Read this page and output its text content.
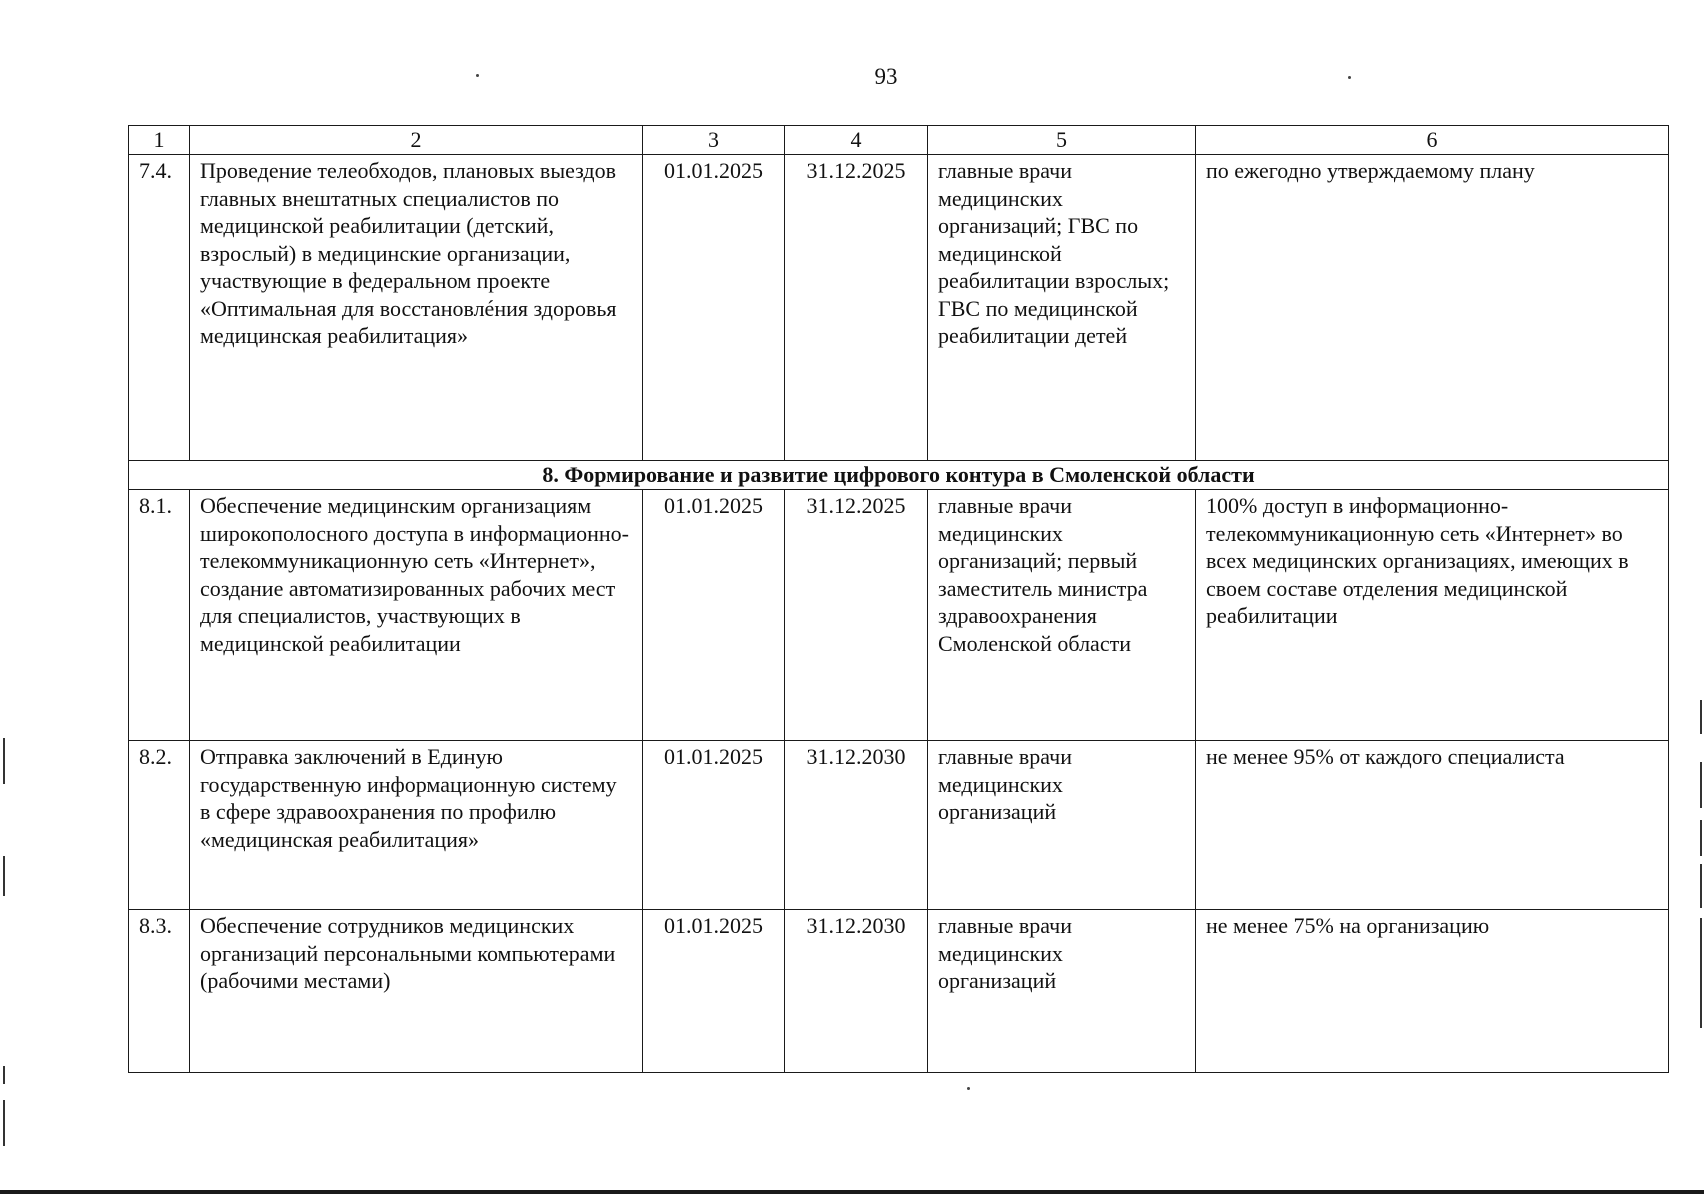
93
1	2	3	4	5	6
7.4.	Проведение телеобходов, плановых выездов главных внештатных специалистов по медицинской реабилитации (детский, взрослый) в медицинские организации, участвующие в федеральном проекте «Оптимальная для восстановлéния здоровья медицинская реабилитация»	01.01.2025	31.12.2025	главные врачи медицинских организаций; ГВС по медицинской реабилитации взрослых; ГВС по медицинской реабилитации детей	по ежегодно утверждаемому плану
8. Формирование и развитие цифрового контура в Смоленской области					
8.1.	Обеспечение медицинским организациям широкополосного доступа в информационно-телекоммуникационную сеть «Интернет», создание автоматизированных рабочих мест для специалистов, участвующих в медицинской реабилитации	01.01.2025	31.12.2025	главные врачи медицинских организаций; первый заместитель министра здравоохранения Смоленской области	100% доступ в информационно-телекоммуникационную сеть «Интернет» во всех медицинских организациях, имеющих в своем составе отделения медицинской реабилитации
8.2.	Отправка заключений в Единую государственную информационную систему в сфере здравоохранения по профилю «медицинская реабилитация»	01.01.2025	31.12.2030	главные врачи медицинских организаций	не менее 95% от каждого специалиста
8.3.	Обеспечение сотрудников медицинских организаций персональными компьютерами (рабочими местами)	01.01.2025	31.12.2030	главные врачи медицинских организаций	не менее 75% на организацию
